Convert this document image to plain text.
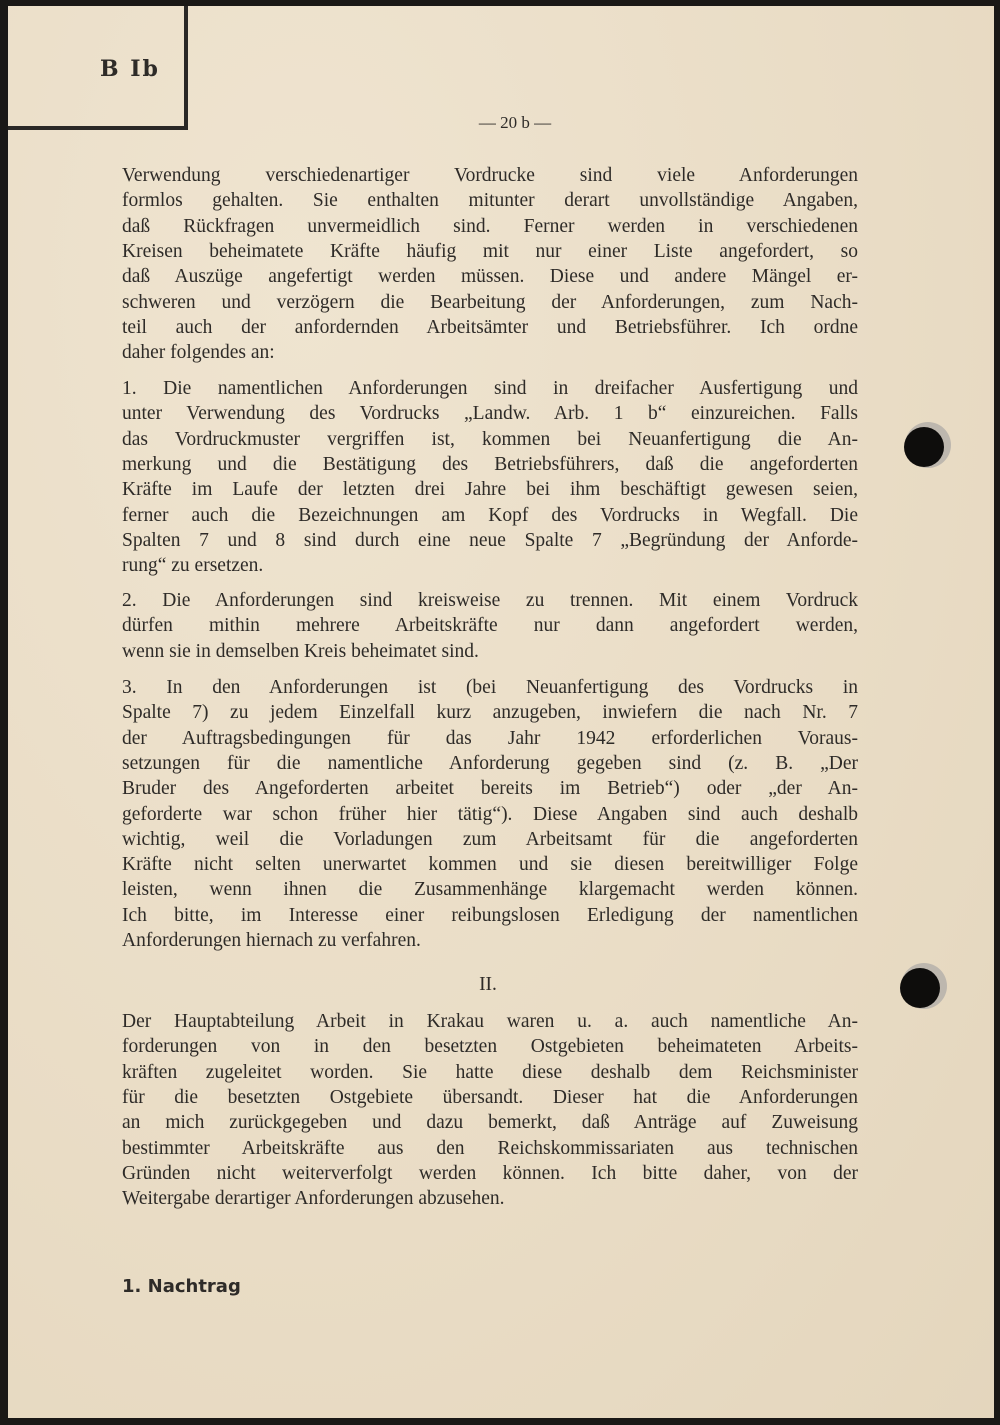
B Ib
— 20 b —
Verwendung verschiedenartiger Vordrucke sind viele Anforderungen
formlos gehalten. Sie enthalten mitunter derart unvollständige Angaben,
daß Rückfragen unvermeidlich sind. Ferner werden in verschiedenen
Kreisen beheimatete Kräfte häufig mit nur einer Liste angefordert, so
daß Auszüge angefertigt werden müssen. Diese und andere Mängel er-
schweren und verzögern die Bearbeitung der Anforderungen, zum Nach-
teil auch der anfordernden Arbeitsämter und Betriebsführer. Ich ordne
daher folgendes an:
1. Die namentlichen Anforderungen sind in dreifacher Ausfertigung und
unter Verwendung des Vordrucks „Landw. Arb. 1 b“ einzureichen. Falls
das Vordruckmuster vergriffen ist, kommen bei Neuanfertigung die An-
merkung und die Bestätigung des Betriebsführers, daß die angeforderten
Kräfte im Laufe der letzten drei Jahre bei ihm beschäftigt gewesen seien,
ferner auch die Bezeichnungen am Kopf des Vordrucks in Wegfall. Die
Spalten 7 und 8 sind durch eine neue Spalte 7 „Begründung der Anforde-
rung“ zu ersetzen.
2. Die Anforderungen sind kreisweise zu trennen. Mit einem Vordruck
dürfen mithin mehrere Arbeitskräfte nur dann angefordert werden,
wenn sie in demselben Kreis beheimatet sind.
3. In den Anforderungen ist (bei Neuanfertigung des Vordrucks in
Spalte 7) zu jedem Einzelfall kurz anzugeben, inwiefern die nach Nr. 7
der Auftragsbedingungen für das Jahr 1942 erforderlichen Voraus-
setzungen für die namentliche Anforderung gegeben sind (z. B. „Der
Bruder des Angeforderten arbeitet bereits im Betrieb“) oder „der An-
geforderte war schon früher hier tätig“). Diese Angaben sind auch deshalb
wichtig, weil die Vorladungen zum Arbeitsamt für die angeforderten
Kräfte nicht selten unerwartet kommen und sie diesen bereitwilliger Folge
leisten, wenn ihnen die Zusammenhänge klargemacht werden können.
Ich bitte, im Interesse einer reibungslosen Erledigung der namentlichen
Anforderungen hiernach zu verfahren.
Der Hauptabteilung Arbeit in Krakau waren u. a. auch namentliche An-
forderungen von in den besetzten Ostgebieten beheimateten Arbeits-
kräften zugeleitet worden. Sie hatte diese deshalb dem Reichsminister
für die besetzten Ostgebiete übersandt. Dieser hat die Anforderungen
an mich zurückgegeben und dazu bemerkt, daß Anträge auf Zuweisung
bestimmter Arbeitskräfte aus den Reichskommissariaten aus technischen
Gründen nicht weiterverfolgt werden können. Ich bitte daher, von der
Weitergabe derartiger Anforderungen abzusehen.
II.
1. Nachtrag
